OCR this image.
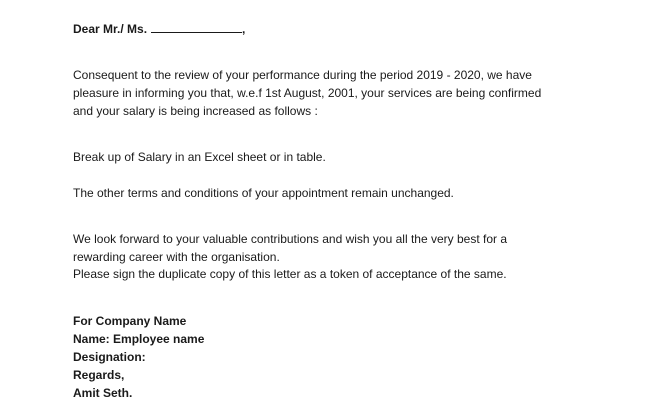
Dear Mr./ Ms.	,
Consequent to the review of your performance during the period 2019 - 2020, we have
pleasure in informing you that, w.e.f 1st August, 2001, your services are being confirmed
and your salary is being increased as follows :
Break up of Salary in an Excel sheet or in table.
The other terms and conditions of your appointment remain unchanged.
We look forward to your valuable contributions and wish you all the very best for a
rewarding career with the organisation.
Please sign the duplicate copy of this letter as a token of acceptance of the same.
For Company Name
Name: Employee name
Designation:
Regards,
Amit Seth.
